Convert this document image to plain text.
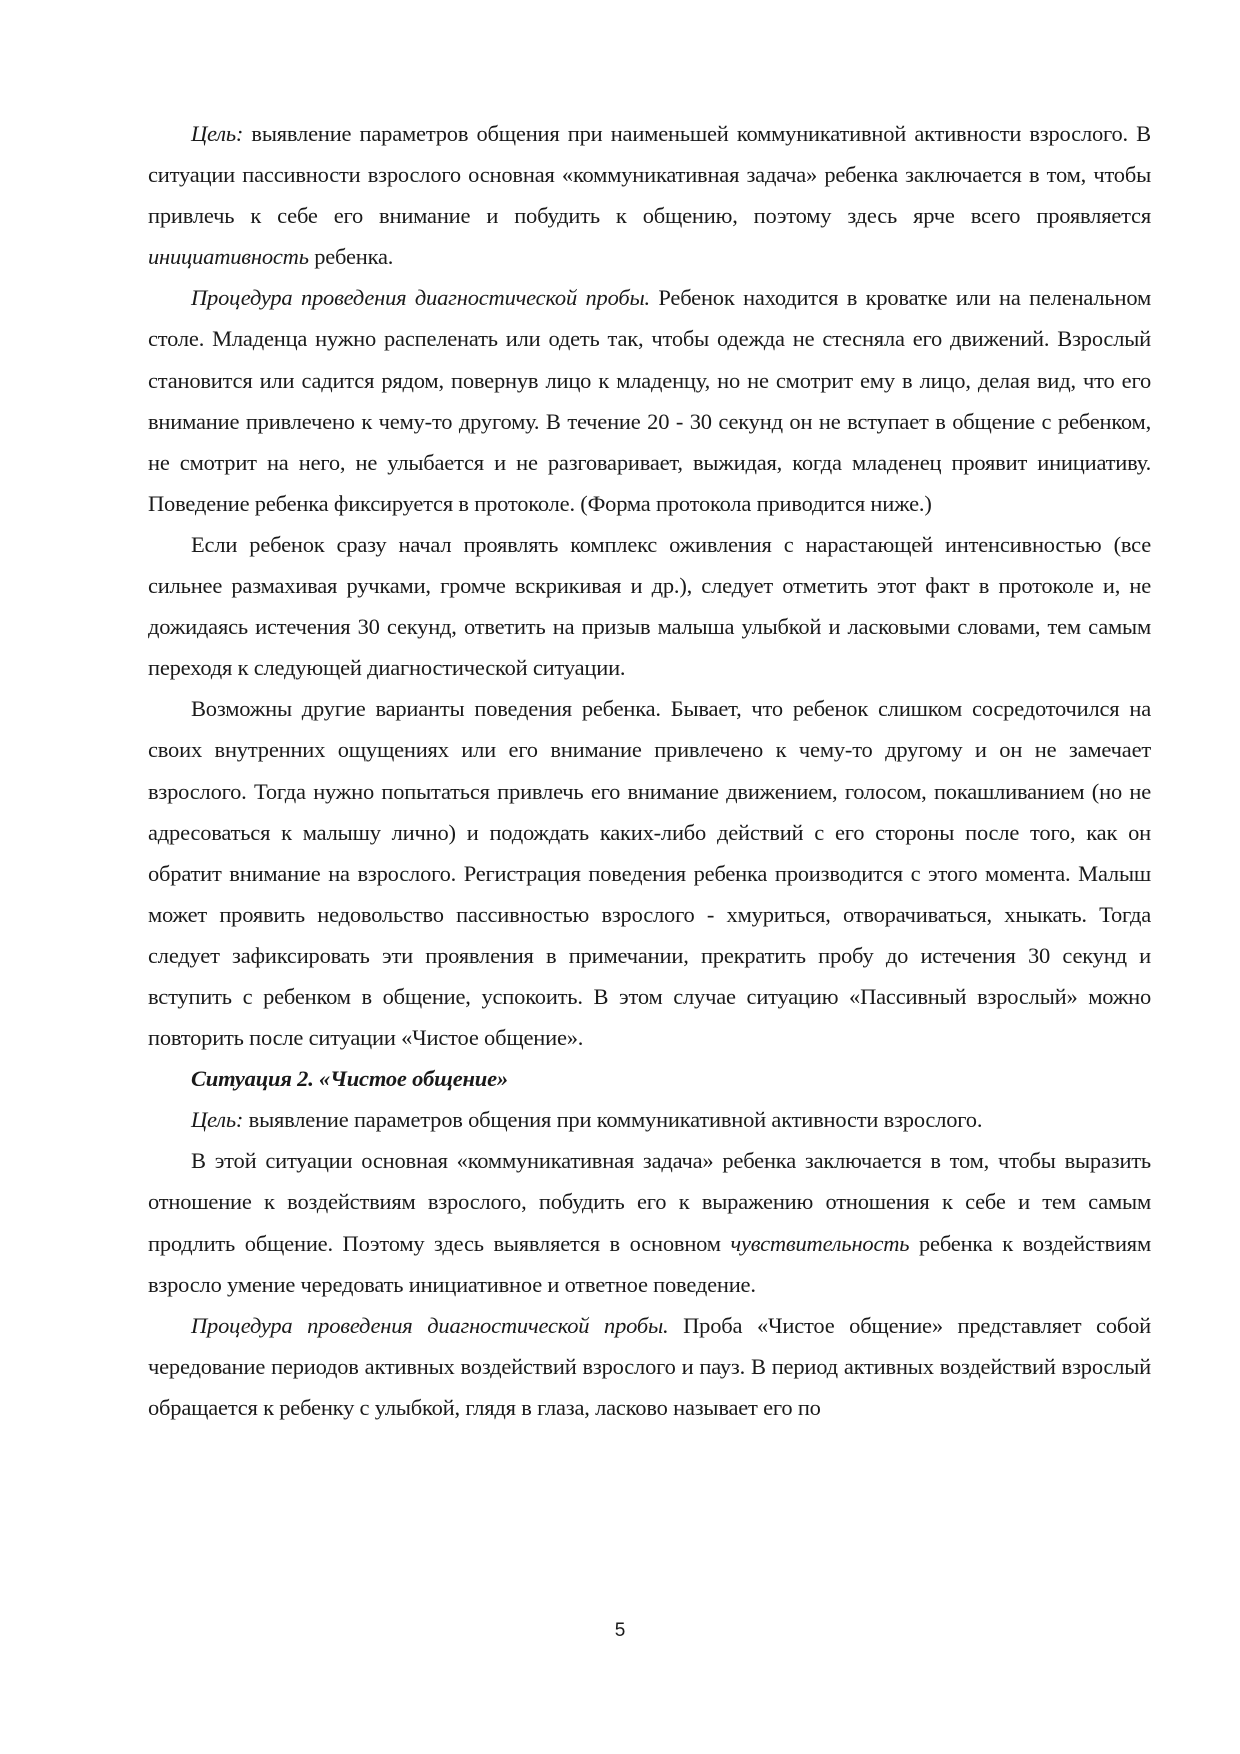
Цель: выявление параметров общения при наименьшей коммуникативной активности взрослого. В ситуации пассивности взрослого основная «коммуникативная задача» ребенка заключается в том, чтобы привлечь к себе его внимание и побудить к общению, поэтому здесь ярче всего проявляется инициативность ребенка.

Процедура проведения диагностической пробы. Ребенок находится в кроватке или на пеленальном столе. Младенца нужно распеленать или одеть так, чтобы одежда не стесняла его движений. Взрослый становится или садится рядом, повернув лицо к младенцу, но не смотрит ему в лицо, делая вид, что его внимание привлечено к чему-то другому. В течение 20 - 30 секунд он не вступает в общение с ребенком, не смотрит на него, не улыбается и не разговаривает, выжидая, когда младенец проявит инициативу. Поведение ребенка фиксируется в протоколе. (Форма протокола приводится ниже.)

Если ребенок сразу начал проявлять комплекс оживления с нарастающей интенсивностью (все сильнее размахивая ручками, громче вскрикивая и др.), следует отметить этот факт в протоколе и, не дожидаясь истечения 30 секунд, ответить на призыв малыша улыбкой и ласковыми словами, тем самым переходя к следующей диагностической ситуации.

Возможны другие варианты поведения ребенка. Бывает, что ребенок слишком сосредоточился на своих внутренних ощущениях или его внимание привлечено к чему-то другому и он не замечает взрослого. Тогда нужно попытаться привлечь его внимание движением, голосом, покашливанием (но не адресоваться к малышу лично) и подождать каких-либо действий с его стороны после того, как он обратит внимание на взрослого. Регистрация поведения ребенка производится с этого момента. Малыш может проявить недовольство пассивностью взрослого - хмуриться, отворачиваться, хныкать. Тогда следует зафиксировать эти проявления в примечании, прекратить пробу до истечения 30 секунд и вступить с ребенком в общение, успокоить. В этом случае ситуацию «Пассивный взрослый» можно повторить после ситуации «Чистое общение».

Ситуация 2. «Чистое общение»

Цель: выявление параметров общения при коммуникативной активности взрослого.

В этой ситуации основная «коммуникативная задача» ребенка заключается в том, чтобы выразить отношение к воздействиям взрослого, побудить его к выражению отношения к себе и тем самым продлить общение. Поэтому здесь выявляется в основном чувствительность ребенка к воздействиям взросло умение чередовать инициативное и ответное поведение.

Процедура проведения диагностической пробы. Проба «Чистое общение» представляет собой чередование периодов активных воздействий взрослого и пауз. В период активных воздействий взрослый обращается к ребенку с улыбкой, глядя в глаза, ласково называет его по

5
